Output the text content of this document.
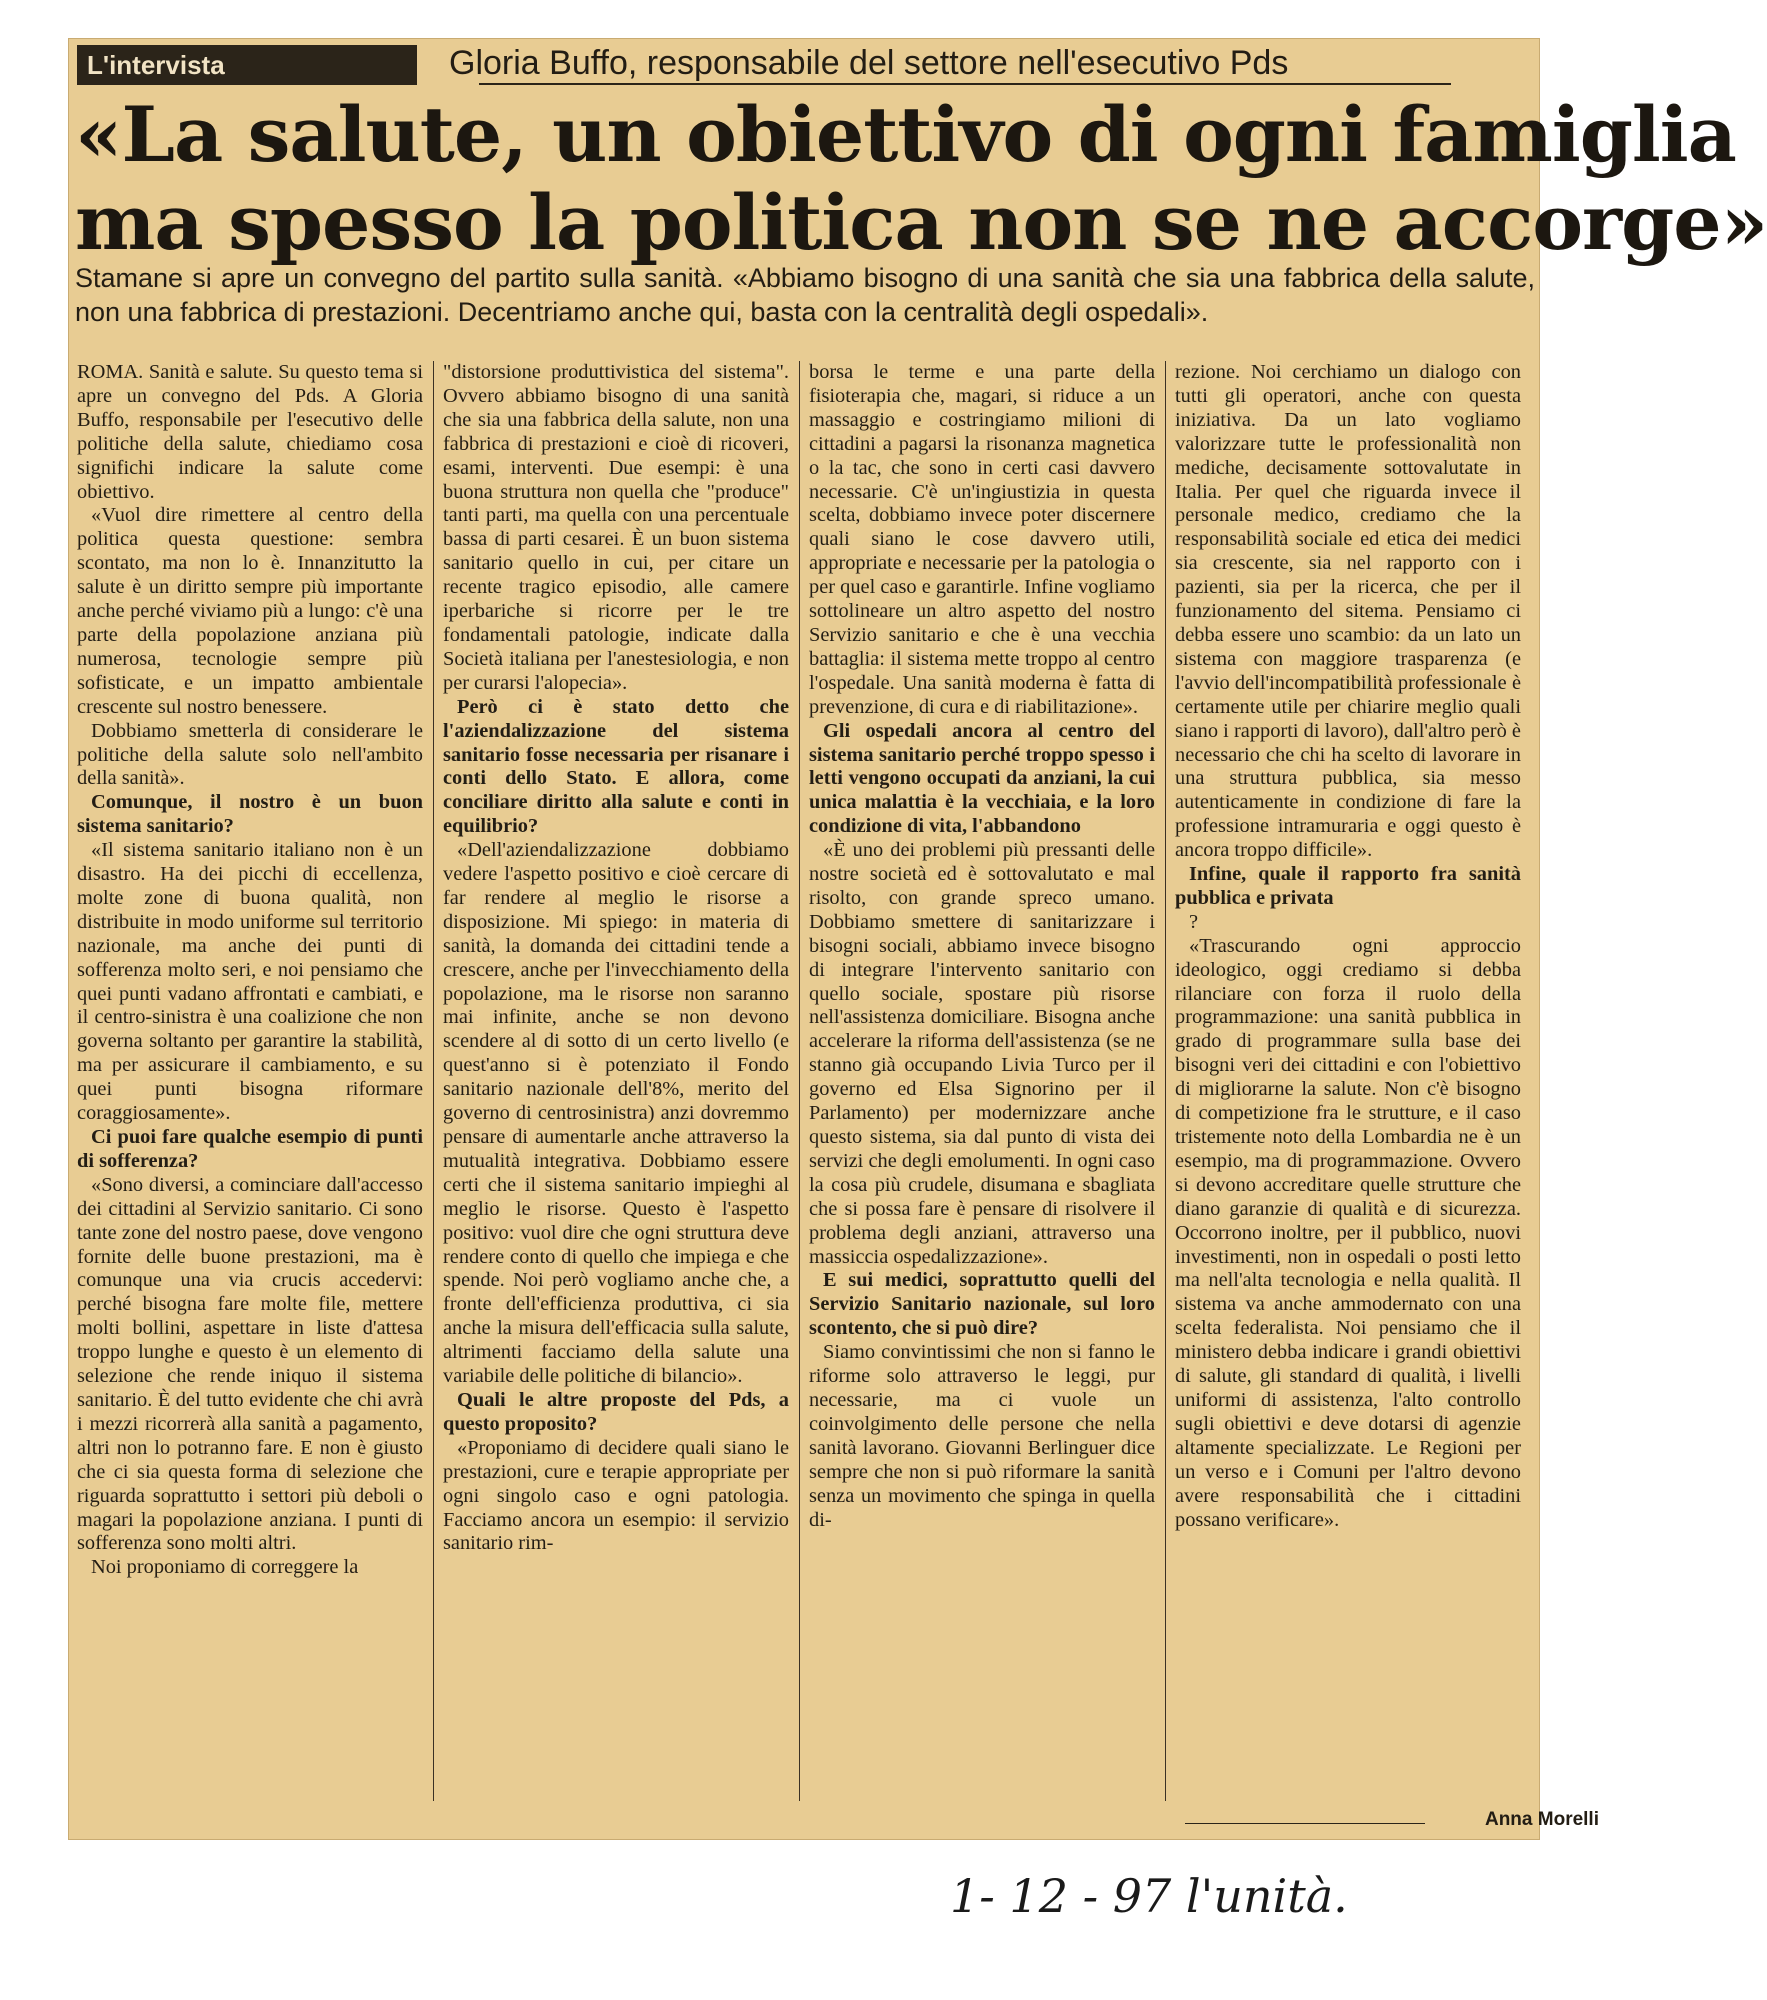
L'intervista	Gloria Buffo, responsabile del settore nell'esecutivo Pds
«La salute, un obiettivo di ogni famiglia
ma spesso la politica non se ne accorge»
Stamane si apre un convegno del partito sulla sanità. «Abbiamo bisogno di una sanità che sia una fabbrica della salute, non una fabbrica di prestazioni. Decentriamo anche qui, basta con la centralità degli ospedali».

ROMA. Sanità e salute. Su questo tema si apre un convegno del Pds. A Gloria Buffo, responsabile per l'esecutivo delle politiche della salute, chiediamo cosa significhi indicare la salute come obiettivo.

«Vuol dire rimettere al centro della politica questa questione: sembra scontato, ma non lo è. Innanzitutto la salute è un diritto sempre più importante anche perché viviamo più a lungo: c'è una parte della popolazione anziana più numerosa, tecnologie sempre più sofisticate, e un impatto ambientale crescente sul nostro benessere.

Dobbiamo smetterla di considerare le politiche della salute solo nell'ambito della sanità».

Comunque, il nostro è un buon sistema sanitario?

«Il sistema sanitario italiano non è un disastro. Ha dei picchi di eccellenza, molte zone di buona qualità, non distribuite in modo uniforme sul territorio nazionale, ma anche dei punti di sofferenza molto seri, e noi pensiamo che quei punti vadano affrontati e cambiati, e il centro-sinistra è una coalizione che non governa soltanto per garantire la stabilità, ma per assicurare il cambiamento, e su quei punti bisogna riformare coraggiosamente».

Ci puoi fare qualche esempio di punti di sofferenza?

«Sono diversi, a cominciare dall'accesso dei cittadini al Servizio sanitario. Ci sono tante zone del nostro paese, dove vengono fornite delle buone prestazioni, ma è comunque una via crucis accedervi: perché bisogna fare molte file, mettere molti bollini, aspettare in liste d'attesa troppo lunghe e questo è un elemento di selezione che rende iniquo il sistema sanitario. È del tutto evidente che chi avrà i mezzi ricorrerà alla sanità a pagamento, altri non lo potranno fare. E non è giusto che ci sia questa forma di selezione che riguarda soprattutto i settori più deboli o magari la popolazione anziana. I punti di sofferenza sono molti altri.

Noi proponiamo di correggere la

"distorsione produttivistica del sistema". Ovvero abbiamo bisogno di una sanità che sia una fabbrica della salute, non una fabbrica di prestazioni e cioè di ricoveri, esami, interventi. Due esempi: è una buona struttura non quella che "produce" tanti parti, ma quella con una percentuale bassa di parti cesarei. È un buon sistema sanitario quello in cui, per citare un recente tragico episodio, alle camere iperbariche si ricorre per le tre fondamentali patologie, indicate dalla Società italiana per l'anestesiologia, e non per curarsi l'alopecia».

Però ci è stato detto che l'aziendalizzazione del sistema sanitario fosse necessaria per risanare i conti dello Stato. E allora, come conciliare diritto alla salute e conti in equilibrio?

«Dell'aziendalizzazione dobbiamo vedere l'aspetto positivo e cioè cercare di far rendere al meglio le risorse a disposizione. Mi spiego: in materia di sanità, la domanda dei cittadini tende a crescere, anche per l'invecchiamento della popolazione, ma le risorse non saranno mai infinite, anche se non devono scendere al di sotto di un certo livello (e quest'anno si è potenziato il Fondo sanitario nazionale dell'8%, merito del governo di centrosinistra) anzi dovremmo pensare di aumentarle anche attraverso la mutualità integrativa. Dobbiamo essere certi che il sistema sanitario impieghi al meglio le risorse. Questo è l'aspetto positivo: vuol dire che ogni struttura deve rendere conto di quello che impiega e che spende. Noi però vogliamo anche che, a fronte dell'efficienza produttiva, ci sia anche la misura dell'efficacia sulla salute, altrimenti facciamo della salute una variabile delle politiche di bilancio».

Quali le altre proposte del Pds, a questo proposito?

«Proponiamo di decidere quali siano le prestazioni, cure e terapie appropriate per ogni singolo caso e ogni patologia. Facciamo ancora un esempio: il servizio sanitario rim-

borsa le terme e una parte della fisioterapia che, magari, si riduce a un massaggio e costringiamo milioni di cittadini a pagarsi la risonanza magnetica o la tac, che sono in certi casi davvero necessarie. C'è un'ingiustizia in questa scelta, dobbiamo invece poter discernere quali siano le cose davvero utili, appropriate e necessarie per la patologia o per quel caso e garantirle. Infine vogliamo sottolineare un altro aspetto del nostro Servizio sanitario e che è una vecchia battaglia: il sistema mette troppo al centro l'ospedale. Una sanità moderna è fatta di prevenzione, di cura e di riabilitazione».

Gli ospedali ancora al centro del sistema sanitario perché troppo spesso i letti vengono occupati da anziani, la cui unica malattia è la vecchiaia, e la loro condizione di vita, l'abbandono

«È uno dei problemi più pressanti delle nostre società ed è sottovalutato e mal risolto, con grande spreco umano. Dobbiamo smettere di sanitarizzare i bisogni sociali, abbiamo invece bisogno di integrare l'intervento sanitario con quello sociale, spostare più risorse nell'assistenza domiciliare. Bisogna anche accelerare la riforma dell'assistenza (se ne stanno già occupando Livia Turco per il governo ed Elsa Signorino per il Parlamento) per modernizzare anche questo sistema, sia dal punto di vista dei servizi che degli emolumenti. In ogni caso la cosa più crudele, disumana e sbagliata che si possa fare è pensare di risolvere il problema degli anziani, attraverso una massiccia ospedalizzazione».

E sui medici, soprattutto quelli del Servizio Sanitario nazionale, sul loro scontento, che si può dire?

Siamo convintissimi che non si fanno le riforme solo attraverso le leggi, pur necessarie, ma ci vuole un coinvolgimento delle persone che nella sanità lavorano. Giovanni Berlinguer dice sempre che non si può riformare la sanità senza un movimento che spinga in quella di-

rezione. Noi cerchiamo un dialogo con tutti gli operatori, anche con questa iniziativa. Da un lato vogliamo valorizzare tutte le professionalità non mediche, decisamente sottovalutate in Italia. Per quel che riguarda invece il personale medico, crediamo che la responsabilità sociale ed etica dei medici sia crescente, sia nel rapporto con i pazienti, sia per la ricerca, che per il funzionamento del sitema. Pensiamo ci debba essere uno scambio: da un lato un sistema con maggiore trasparenza (e l'avvio dell'incompatibilità professionale è certamente utile per chiarire meglio quali siano i rapporti di lavoro), dall'altro però è necessario che chi ha scelto di lavorare in una struttura pubblica, sia messo autenticamente in condizione di fare la professione intramuraria e oggi questo è ancora troppo difficile».

Infine, quale il rapporto fra sanità pubblica e privata

?

«Trascurando ogni approccio ideologico, oggi crediamo si debba rilanciare con forza il ruolo della programmazione: una sanità pubblica in grado di programmare sulla base dei bisogni veri dei cittadini e con l'obiettivo di migliorarne la salute. Non c'è bisogno di competizione fra le strutture, e il caso tristemente noto della Lombardia ne è un esempio, ma di programmazione. Ovvero si devono accreditare quelle strutture che diano garanzie di qualità e di sicurezza. Occorrono inoltre, per il pubblico, nuovi investimenti, non in ospedali o posti letto ma nell'alta tecnologia e nella qualità. Il sistema va anche ammodernato con una scelta federalista. Noi pensiamo che il ministero debba indicare i grandi obiettivi di salute, gli standard di qualità, i livelli uniformi di assistenza, l'alto controllo sugli obiettivi e deve dotarsi di agenzie altamente specializzate. Le Regioni per un verso e i Comuni per l'altro devono avere responsabilità che i cittadini possano verificare».

Anna Morelli
1- 12 - 97 l'unità.
